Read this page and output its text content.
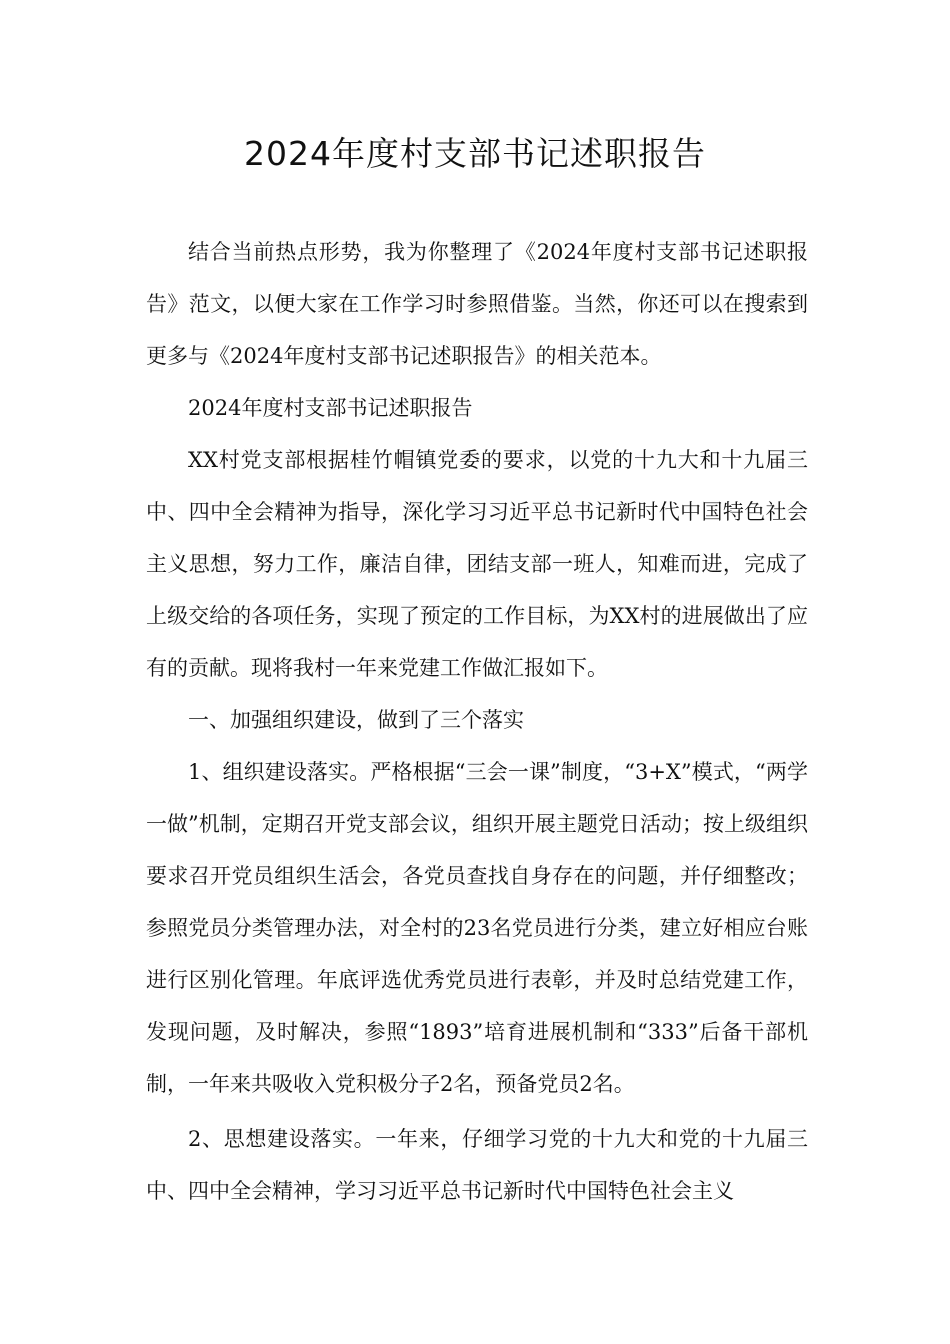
2024年度村支部书记述职报告

结合当前热点形势，我为你整理了《2024年度村支部书记述职报告》范文，以便大家在工作学习时参照借鉴。当然，你还可以在搜索到更多与《2024年度村支部书记述职报告》的相关范本。

2024年度村支部书记述职报告

XX村党支部根据桂竹帽镇党委的要求，以党的十九大和十九届三中、四中全会精神为指导，深化学习习近平总书记新时代中国特色社会主义思想，努力工作，廉洁自律，团结支部一班人，知难而进，完成了上级交给的各项任务，实现了预定的工作目标，为XX村的进展做出了应有的贡献。现将我村一年来党建工作做汇报如下。

一、加强组织建设，做到了三个落实

1、组织建设落实。严格根据“三会一课”制度，“3+X”模式，“两学一做”机制，定期召开党支部会议，组织开展主题党日活动；按上级组织要求召开党员组织生活会，各党员查找自身存在的问题，并仔细整改；参照党员分类管理办法，对全村的23名党员进行分类，建立好相应台账进行区别化管理。年底评选优秀党员进行表彰，并及时总结党建工作，发现问题，及时解决，参照“1893”培育进展机制和“333”后备干部机制，一年来共吸收入党积极分子2名，预备党员2名。

2、思想建设落实。一年来，仔细学习党的十九大和党的十九届三中、四中全会精神，学习习近平总书记新时代中国特色社会主义
